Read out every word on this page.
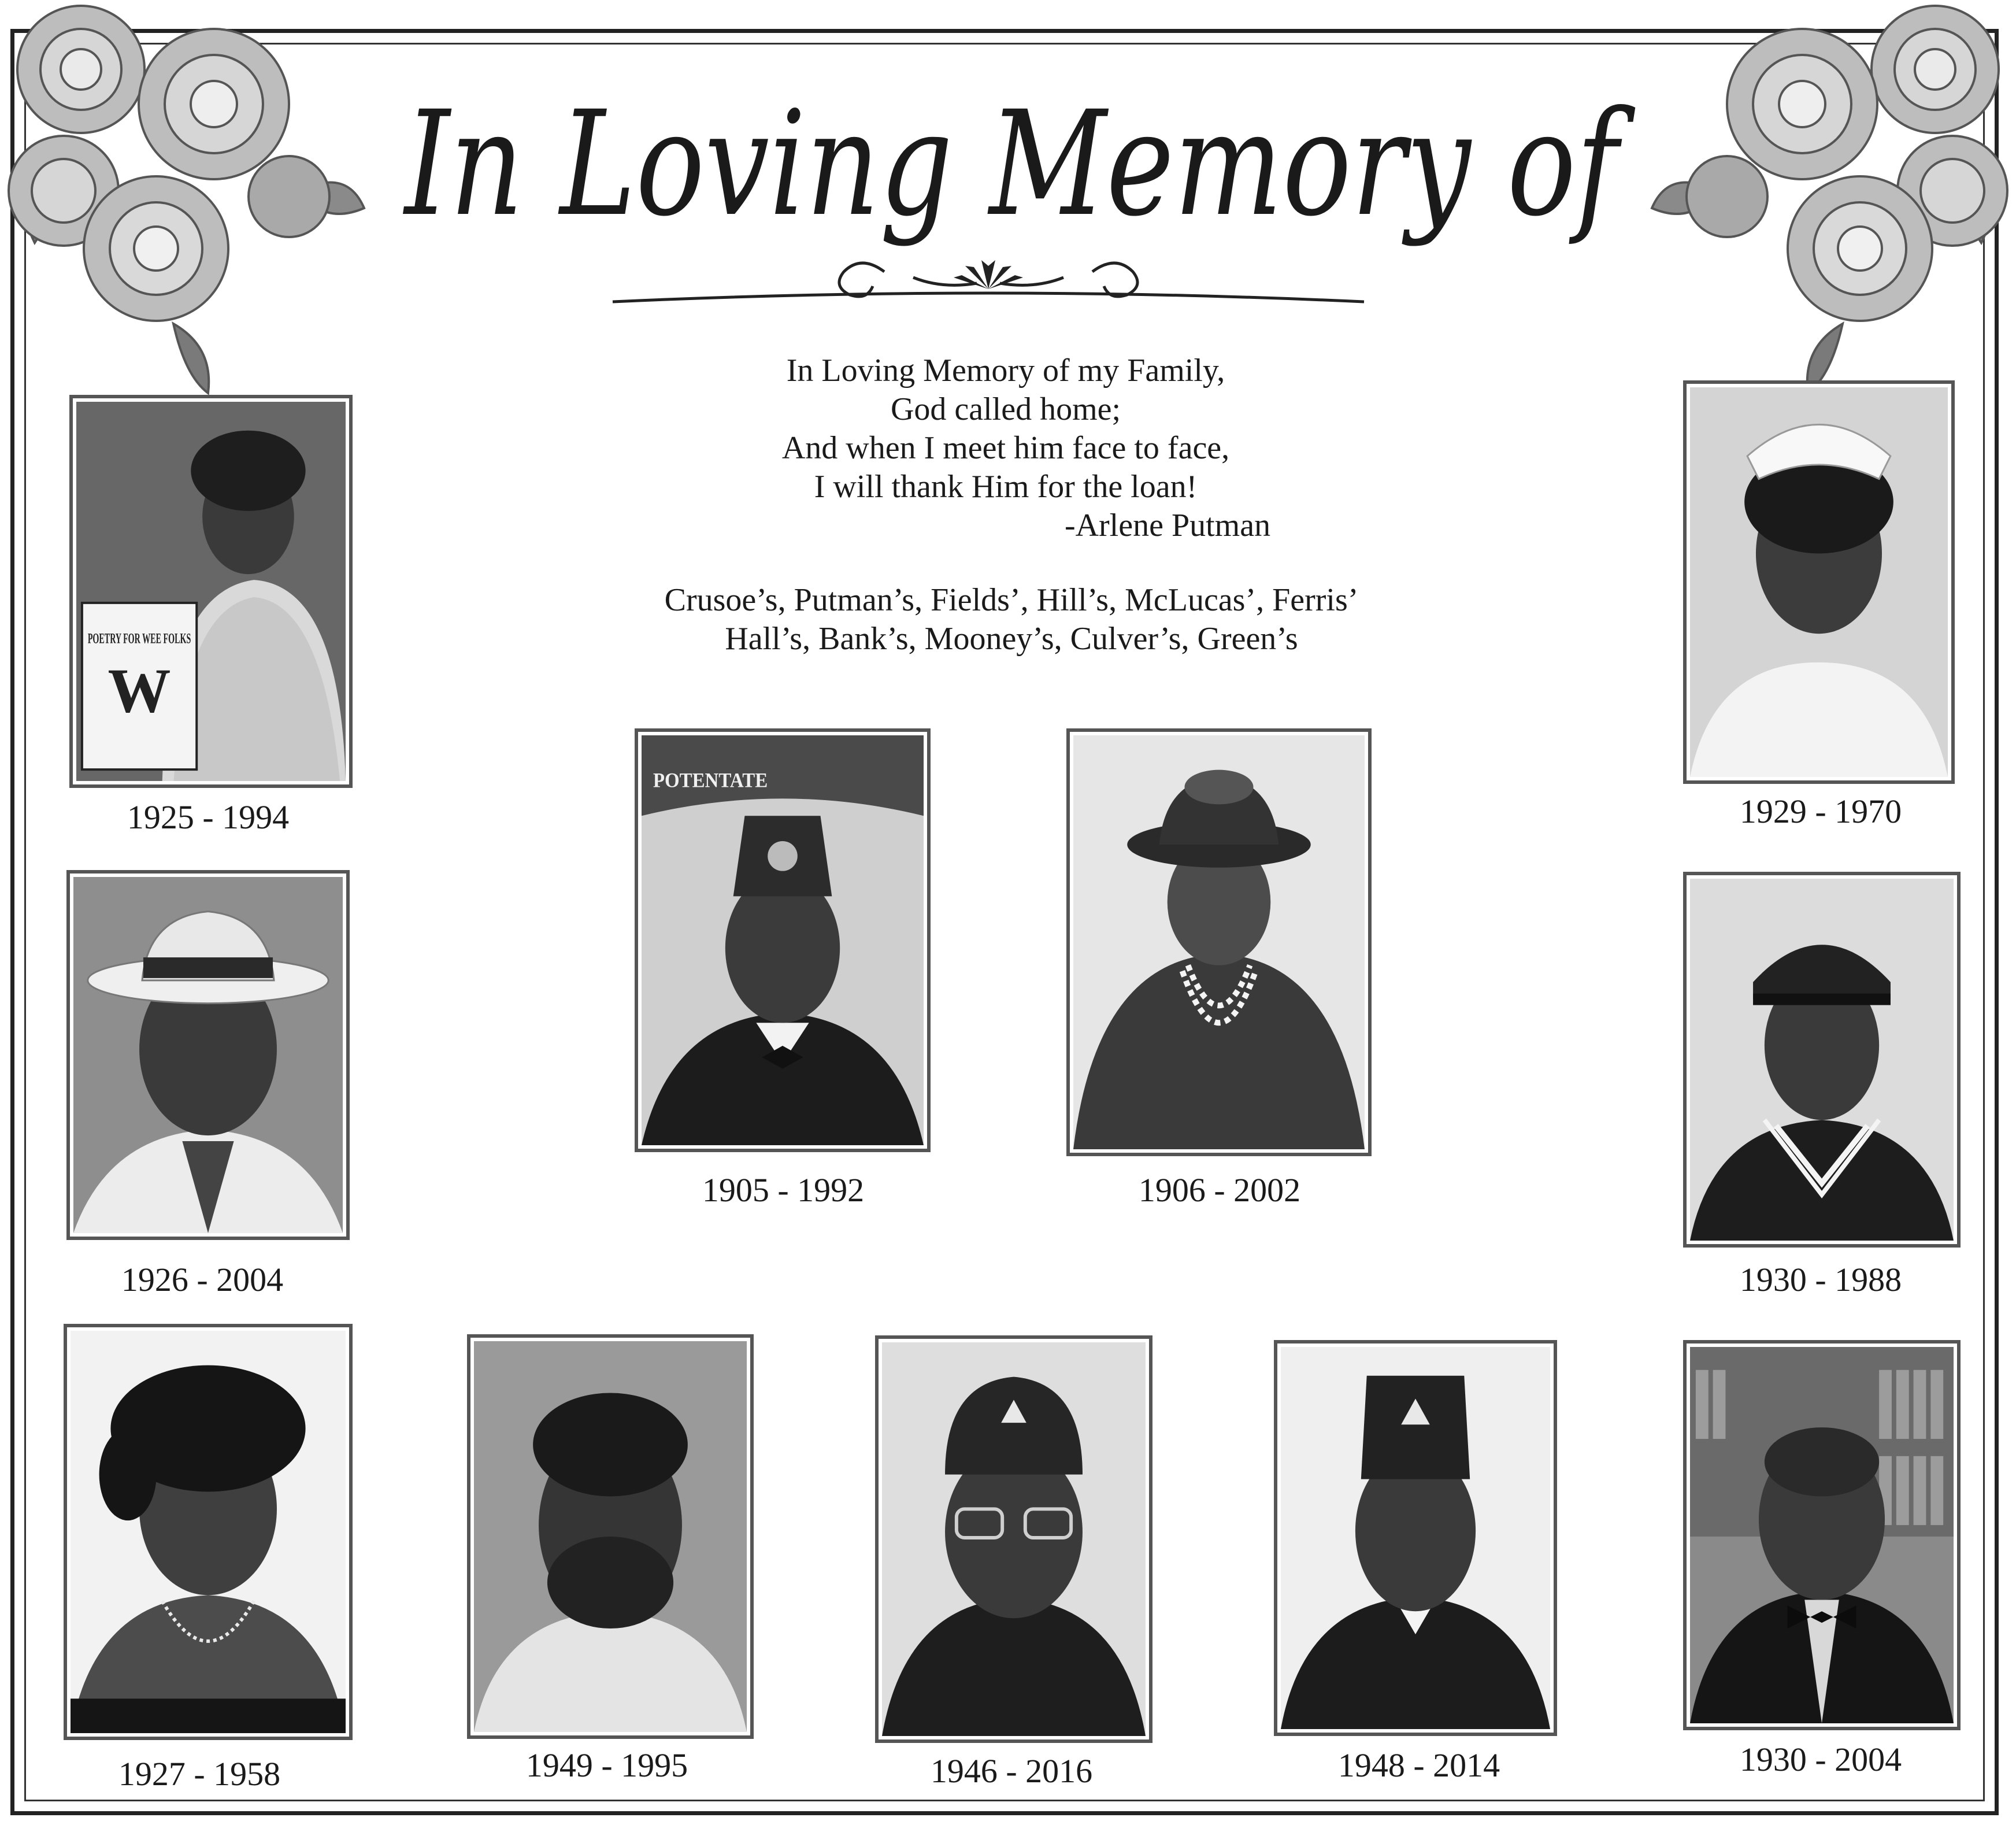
In Loving Memory of
In Loving Memory of my Family,
God called home;
And when I meet him face to face,
I will thank Him for the loan!
-Arlene Putman
Crusoe’s, Putman’s, Fields’, Hill’s, McLucas’, Ferris’
Hall’s, Bank’s, Mooney’s, Culver’s, Green’s
POETRY FOR WEE FOLKS
W
1925 - 1994	1929 - 1970
1926 - 2004
POTENTATE
1905 - 1992	1906 - 2002
1930 - 1988
1927 - 1958	1949 - 1995	1946 - 2016	1948 - 2014	1930 - 2004
